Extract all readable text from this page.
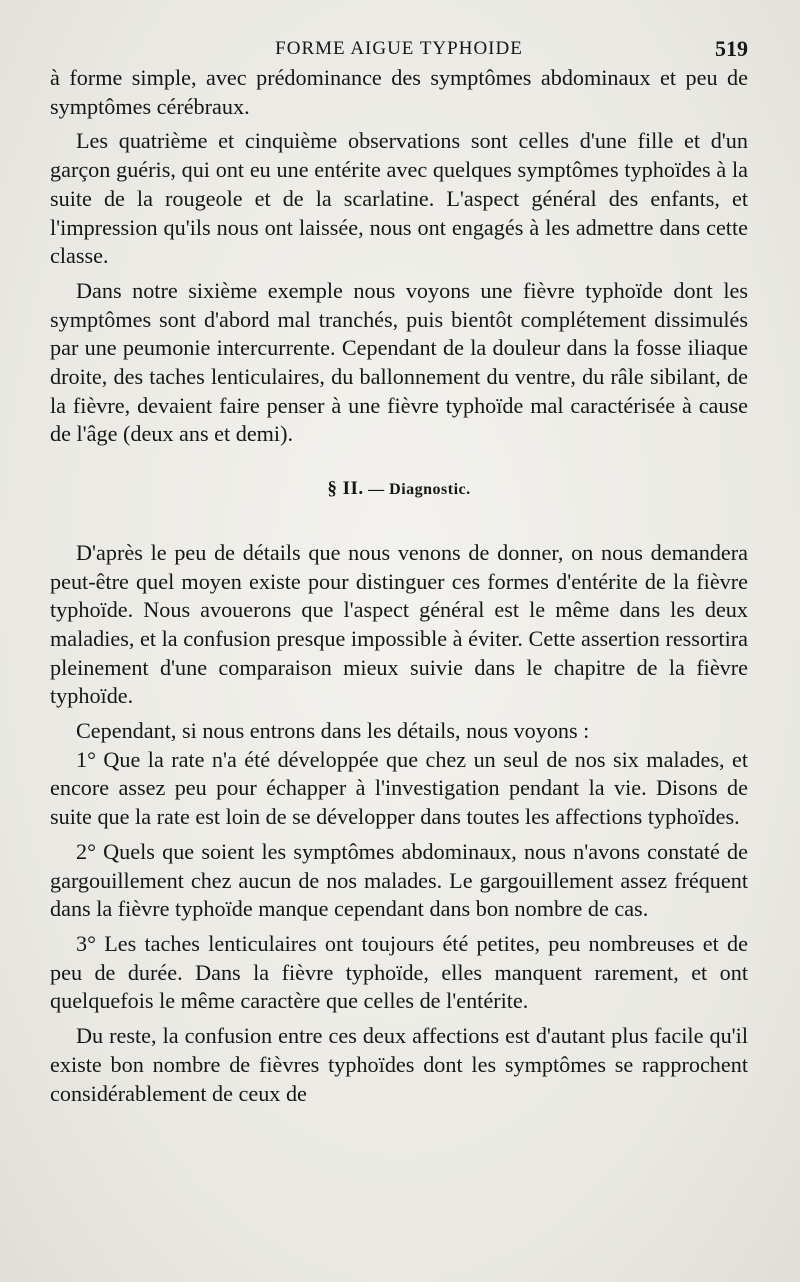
FORME AIGUE TYPHOIDE	519

à forme simple, avec prédominance des symptômes abdominaux et peu de symptômes cérébraux.

Les quatrième et cinquième observations sont celles d'une fille et d'un garçon guéris, qui ont eu une entérite avec quelques symptômes typhoïdes à la suite de la rougeole et de la scarlatine. L'aspect général des enfants, et l'impression qu'ils nous ont laissée, nous ont engagés à les admettre dans cette classe.

Dans notre sixième exemple nous voyons une fièvre typhoïde dont les symptômes sont d'abord mal tranchés, puis bientôt complétement dissimulés par une peumonie intercurrente. Cependant de la douleur dans la fosse iliaque droite, des taches lenticulaires, du ballonnement du ventre, du râle sibilant, de la fièvre, devaient faire penser à une fièvre typhoïde mal caractérisée à cause de l'âge (deux ans et demi).

§ II. — Diagnostic.

D'après le peu de détails que nous venons de donner, on nous demandera peut-être quel moyen existe pour distinguer ces formes d'entérite de la fièvre typhoïde. Nous avouerons que l'aspect général est le même dans les deux maladies, et la confusion presque impossible à éviter. Cette assertion ressortira pleinement d'une comparaison mieux suivie dans le chapitre de la fièvre typhoïde.

Cependant, si nous entrons dans les détails, nous voyons :

1° Que la rate n'a été développée que chez un seul de nos six malades, et encore assez peu pour échapper à l'investigation pendant la vie. Disons de suite que la rate est loin de se développer dans toutes les affections typhoïdes.

2° Quels que soient les symptômes abdominaux, nous n'avons constaté de gargouillement chez aucun de nos malades. Le gargouillement assez fréquent dans la fièvre typhoïde manque cependant dans bon nombre de cas.

3° Les taches lenticulaires ont toujours été petites, peu nombreuses et de peu de durée. Dans la fièvre typhoïde, elles manquent rarement, et ont quelquefois le même caractère que celles de l'entérite.

Du reste, la confusion entre ces deux affections est d'autant plus facile qu'il existe bon nombre de fièvres typhoïdes dont les symptômes se rapprochent considérablement de ceux de
